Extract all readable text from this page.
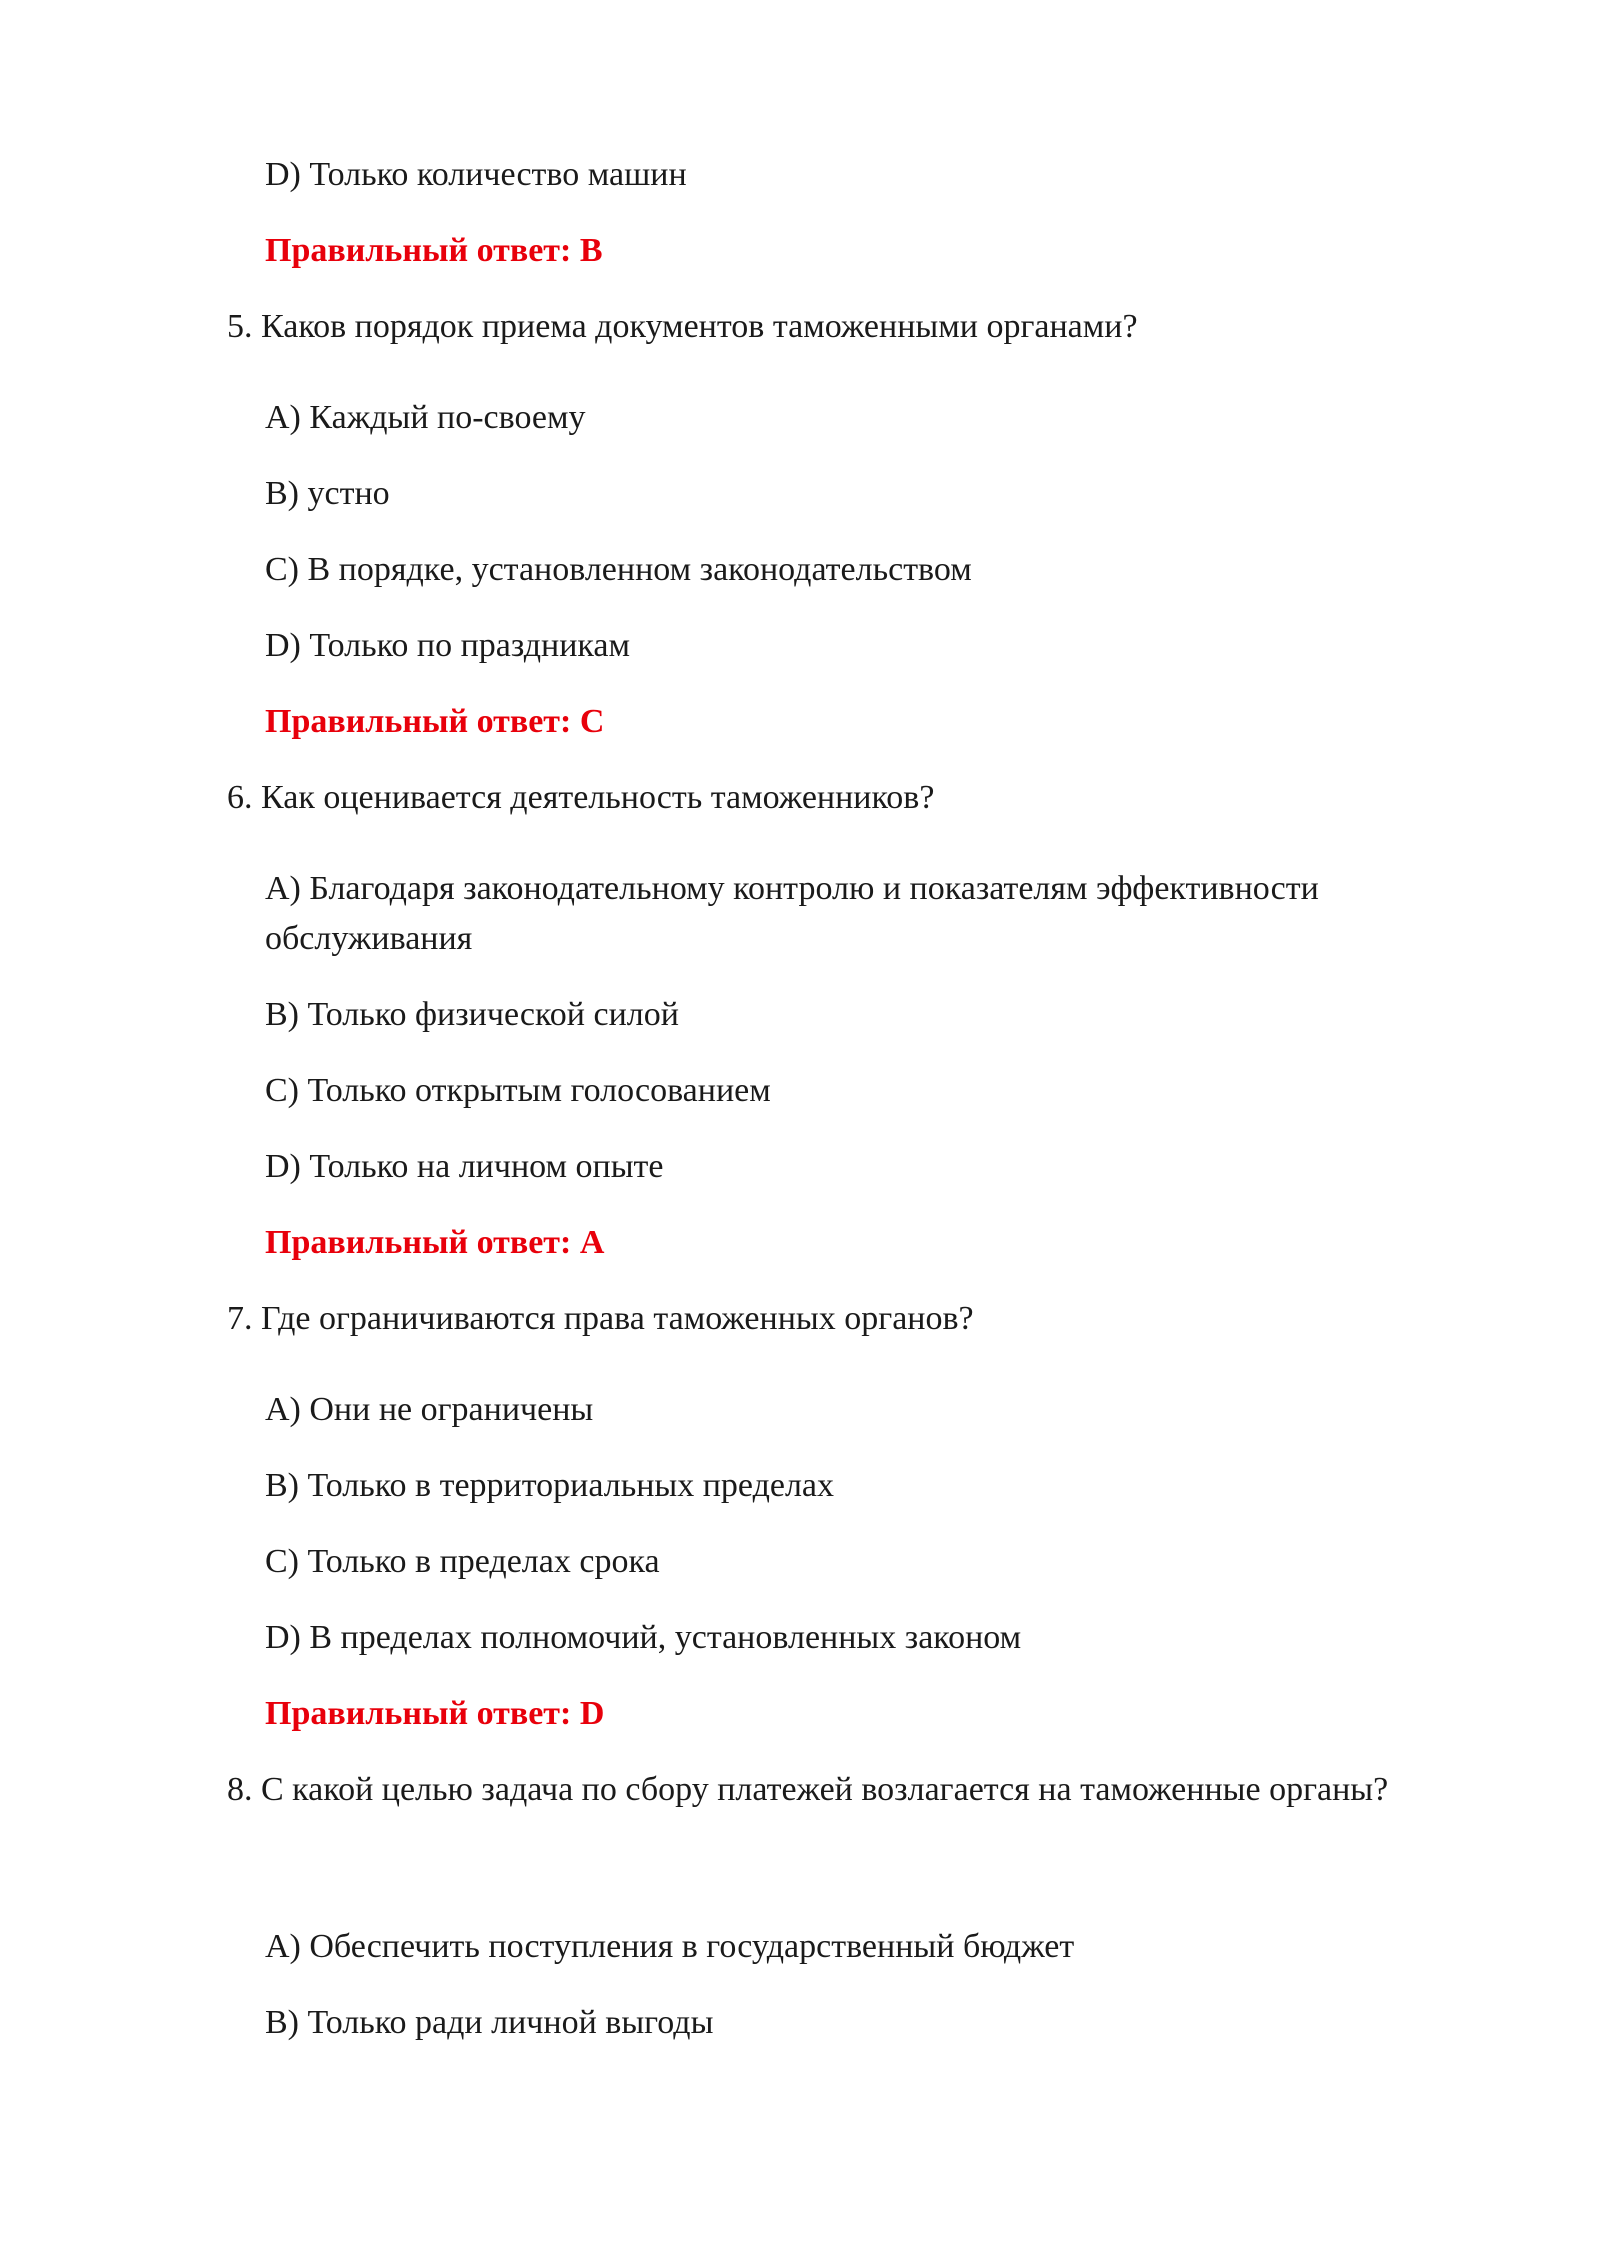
D) Только количество машин

Правильный ответ: B

5. Каков порядок приема документов таможенными органами?

A) Каждый по-своему

B) устно

C) В порядке, установленном законодательством

D) Только по праздникам

Правильный ответ: C

6. Как оценивается деятельность таможенников?

A) Благодаря законодательному контролю и показателям эффективности обслуживания

B) Только физической силой

C) Только открытым голосованием

D) Только на личном опыте

Правильный ответ: A

7. Где ограничиваются права таможенных органов?

A) Они не ограничены

B) Только в территориальных пределах

C) Только в пределах срока

D) В пределах полномочий, установленных законом

Правильный ответ: D

8. С какой целью задача по сбору платежей возлагается на таможенные органы?

A) Обеспечить поступления в государственный бюджет

B) Только ради личной выгоды
